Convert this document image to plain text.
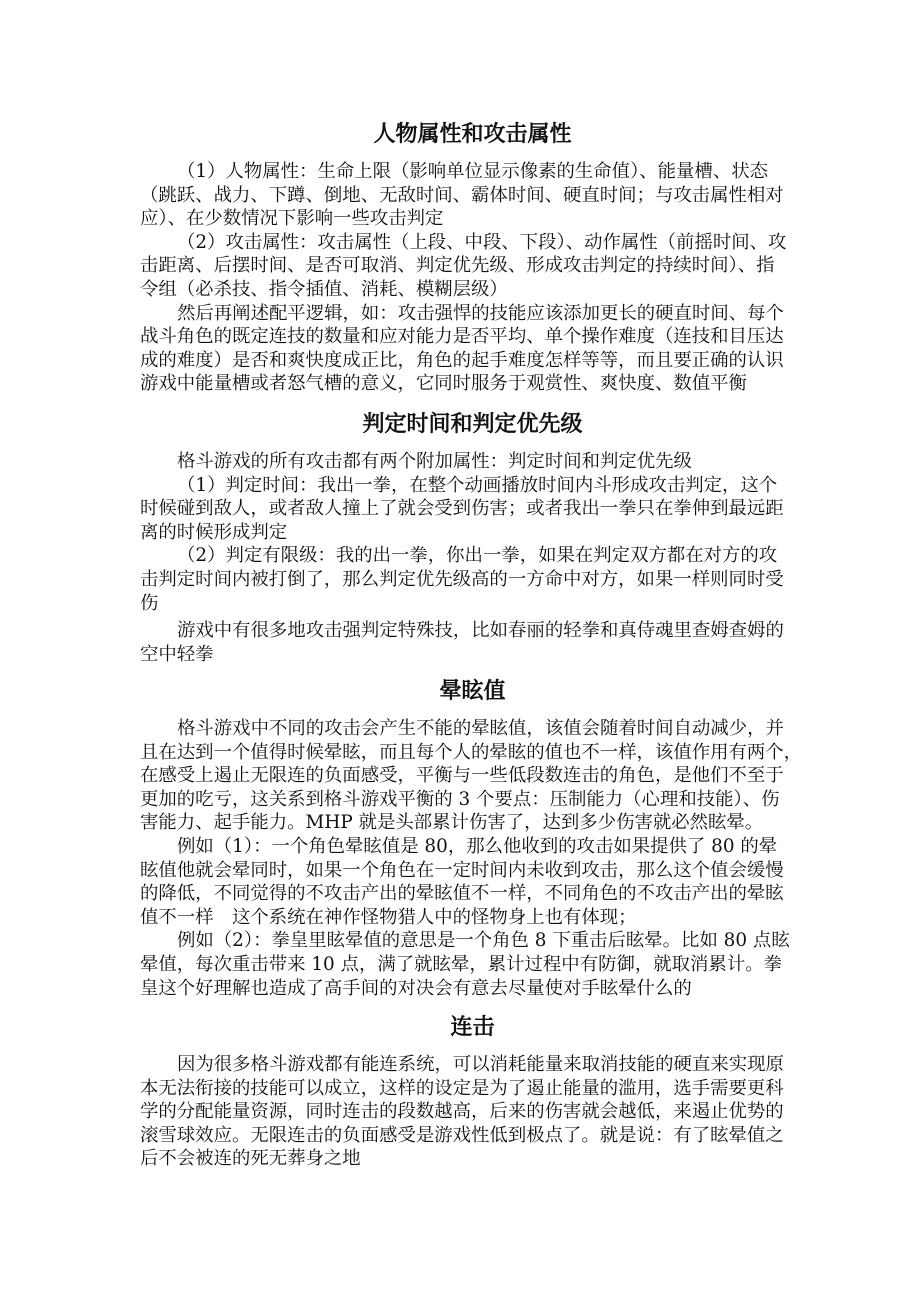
人物属性和攻击属性
（1）人物属性：生命上限（影响单位显示像素的生命值）、能量槽、状态
（跳跃、战力、下蹲、倒地、无敌时间、霸体时间、硬直时间；与攻击属性相对
应）、在少数情况下影响一些攻击判定
（2）攻击属性：攻击属性（上段、中段、下段）、动作属性（前摇时间、攻
击距离、后摆时间、是否可取消、判定优先级、形成攻击判定的持续时间）、指
令组（必杀技、指令插值、消耗、模糊层级）
然后再阐述配平逻辑，如：攻击强悍的技能应该添加更长的硬直时间、每个
战斗角色的既定连技的数量和应对能力是否平均、单个操作难度（连技和目压达
成的难度）是否和爽快度成正比，角色的起手难度怎样等等，而且要正确的认识
游戏中能量槽或者怒气槽的意义，它同时服务于观赏性、爽快度、数值平衡
判定时间和判定优先级
格斗游戏的所有攻击都有两个附加属性：判定时间和判定优先级
（1）判定时间：我出一拳，在整个动画播放时间内斗形成攻击判定，这个
时候碰到敌人，或者敌人撞上了就会受到伤害；或者我出一拳只在拳伸到最远距
离的时候形成判定
（2）判定有限级：我的出一拳，你出一拳，如果在判定双方都在对方的攻
击判定时间内被打倒了，那么判定优先级高的一方命中对方，如果一样则同时受
伤
游戏中有很多地攻击强判定特殊技，比如春丽的轻拳和真侍魂里查姆查姆的
空中轻拳
晕眩值
格斗游戏中不同的攻击会产生不能的晕眩值，该值会随着时间自动减少，并
且在达到一个值得时候晕眩，而且每个人的晕眩的值也不一样，该值作用有两个，
在感受上遏止无限连的负面感受，平衡与一些低段数连击的角色，是他们不至于
更加的吃亏，这关系到格斗游戏平衡的 3 个要点：压制能力（心理和技能）、伤
害能力、起手能力。MHP 就是头部累计伤害了，达到多少伤害就必然眩晕。
例如（1）：一个角色晕眩值是 80，那么他收到的攻击如果提供了 80 的晕
眩值他就会晕同时，如果一个角色在一定时间内未收到攻击，那么这个值会缓慢
的降低，不同觉得的不攻击产出的晕眩值不一样，不同角色的不攻击产出的晕眩
值不一样　这个系统在神作怪物猎人中的怪物身上也有体现；
例如（2）：拳皇里眩晕值的意思是一个角色 8 下重击后眩晕。比如 80 点眩
晕值，每次重击带来 10 点，满了就眩晕，累计过程中有防御，就取消累计。拳
皇这个好理解也造成了高手间的对决会有意去尽量使对手眩晕什么的
连击
因为很多格斗游戏都有能连系统，可以消耗能量来取消技能的硬直来实现原
本无法衔接的技能可以成立，这样的设定是为了遏止能量的滥用，选手需要更科
学的分配能量资源，同时连击的段数越高，后来的伤害就会越低，来遏止优势的
滚雪球效应。无限连击的负面感受是游戏性低到极点了。就是说：有了眩晕值之
后不会被连的死无葬身之地
